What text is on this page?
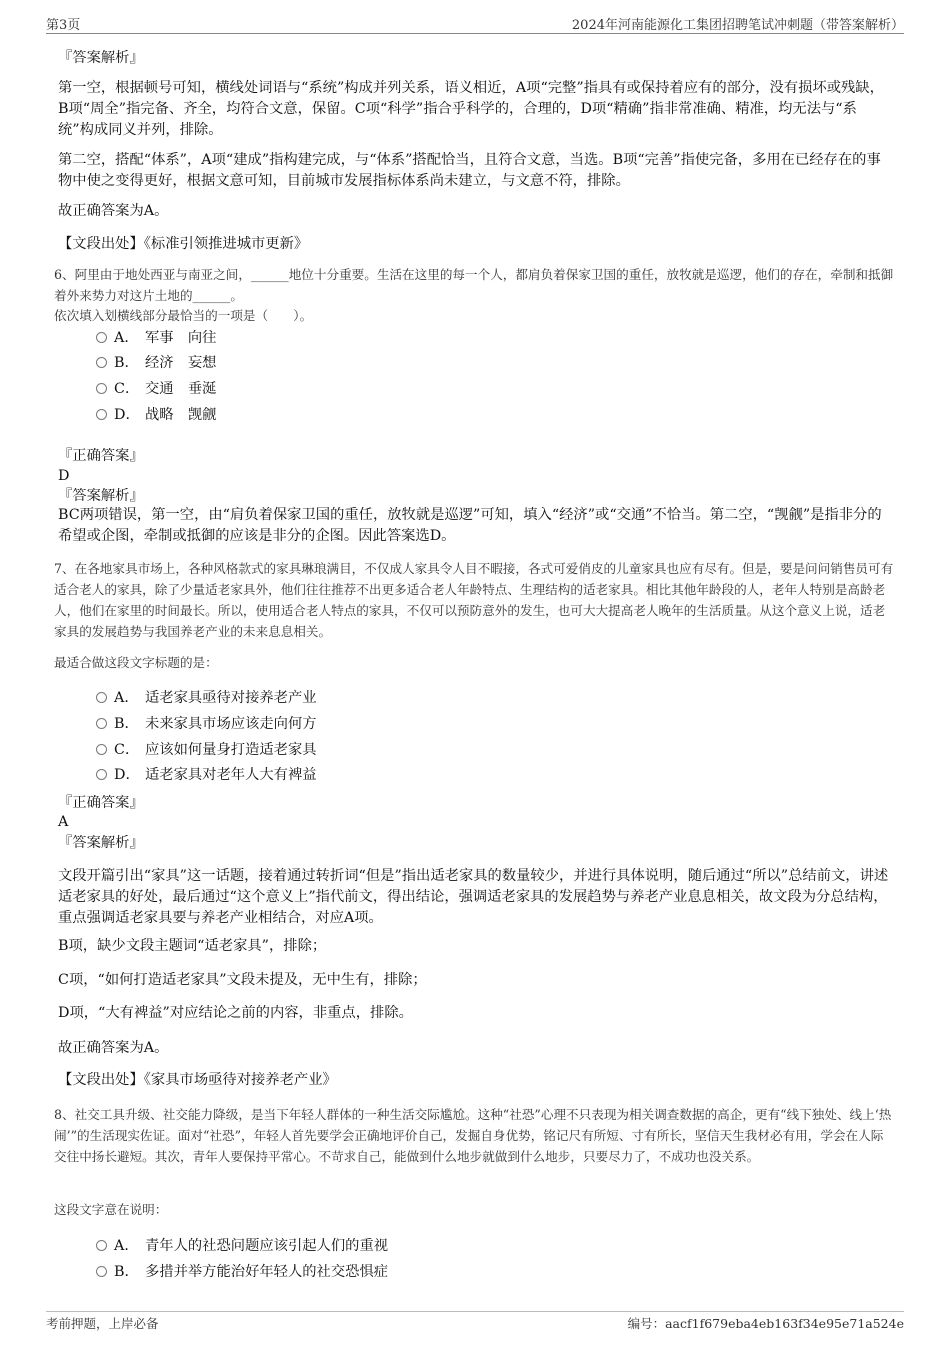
第3页	2024年河南能源化工集团招聘笔试冲刺题（带答案解析）
『答案解析』
第一空，根据顿号可知，横线处词语与“系统”构成并列关系，语义相近，A项“完整”指具有或保持着应有的部分，没有损坏或残缺，B项“周全”指完备、齐全，均符合文意，保留。C项“科学”指合乎科学的，合理的，D项“精确”指非常准确、精准，均无法与“系统”构成同义并列，排除。
第二空，搭配“体系”，A项“建成”指构建完成，与“体系”搭配恰当，且符合文意，当选。B项“完善”指使完备，多用在已经存在的事物中使之变得更好，根据文意可知，目前城市发展指标体系尚未建立，与文意不符，排除。
故正确答案为A。
【文段出处】《标准引领推进城市更新》
6、阿里由于地处西亚与南亚之间，______地位十分重要。生活在这里的每一个人，都肩负着保家卫国的重任，放牧就是巡逻，他们的存在，牵制和抵御着外来势力对这片土地的______。
依次填入划横线部分最恰当的一项是（　　）。
A． 军事　向往
B． 经济　妄想
C． 交通　垂涎
D． 战略　觊觎
『正确答案』
D
『答案解析』
BC两项错误，第一空，由“肩负着保家卫国的重任，放牧就是巡逻”可知，填入“经济”或“交通”不恰当。第二空，“觊觎”是指非分的希望或企图，牵制或抵御的应该是非分的企图。因此答案选D。
7、在各地家具市场上，各种风格款式的家具琳琅满目，不仅成人家具令人目不暇接，各式可爱俏皮的儿童家具也应有尽有。但是，要是问问销售员可有适合老人的家具，除了少量适老家具外，他们往往推荐不出更多适合老人年龄特点、生理结构的适老家具。相比其他年龄段的人，老年人特别是高龄老人，他们在家里的时间最长。所以，使用适合老人特点的家具，不仅可以预防意外的发生，也可大大提高老人晚年的生活质量。从这个意义上说，适老家具的发展趋势与我国养老产业的未来息息相关。
最适合做这段文字标题的是：
A． 适老家具亟待对接养老产业
B． 未来家具市场应该走向何方
C． 应该如何量身打造适老家具
D． 适老家具对老年人大有裨益
『正确答案』
A
『答案解析』
文段开篇引出“家具”这一话题，接着通过转折词“但是”指出适老家具的数量较少，并进行具体说明，随后通过“所以”总结前文，讲述适老家具的好处，最后通过“这个意义上”指代前文，得出结论，强调适老家具的发展趋势与养老产业息息相关，故文段为分总结构，重点强调适老家具要与养老产业相结合，对应A项。
B项，缺少文段主题词“适老家具”，排除；
C项，“如何打造适老家具”文段未提及，无中生有，排除；
D项，“大有裨益”对应结论之前的内容，非重点，排除。
故正确答案为A。
【文段出处】《家具市场亟待对接养老产业》
8、社交工具升级、社交能力降级，是当下年轻人群体的一种生活交际尴尬。这种“社恐”心理不只表现为相关调查数据的高企，更有“线下独处、线上‘热闹’”的生活现实佐证。面对“社恐”，年轻人首先要学会正确地评价自己，发掘自身优势，铭记尺有所短、寸有所长，坚信天生我材必有用，学会在人际交往中扬长避短。其次，青年人要保持平常心。不苛求自己，能做到什么地步就做到什么地步，只要尽力了，不成功也没关系。
这段文字意在说明：
A． 青年人的社恐问题应该引起人们的重视
B． 多措并举方能治好年轻人的社交恐惧症
考前押题，上岸必备	编号：aacf1f679eba4eb163f34e95e71a524e
